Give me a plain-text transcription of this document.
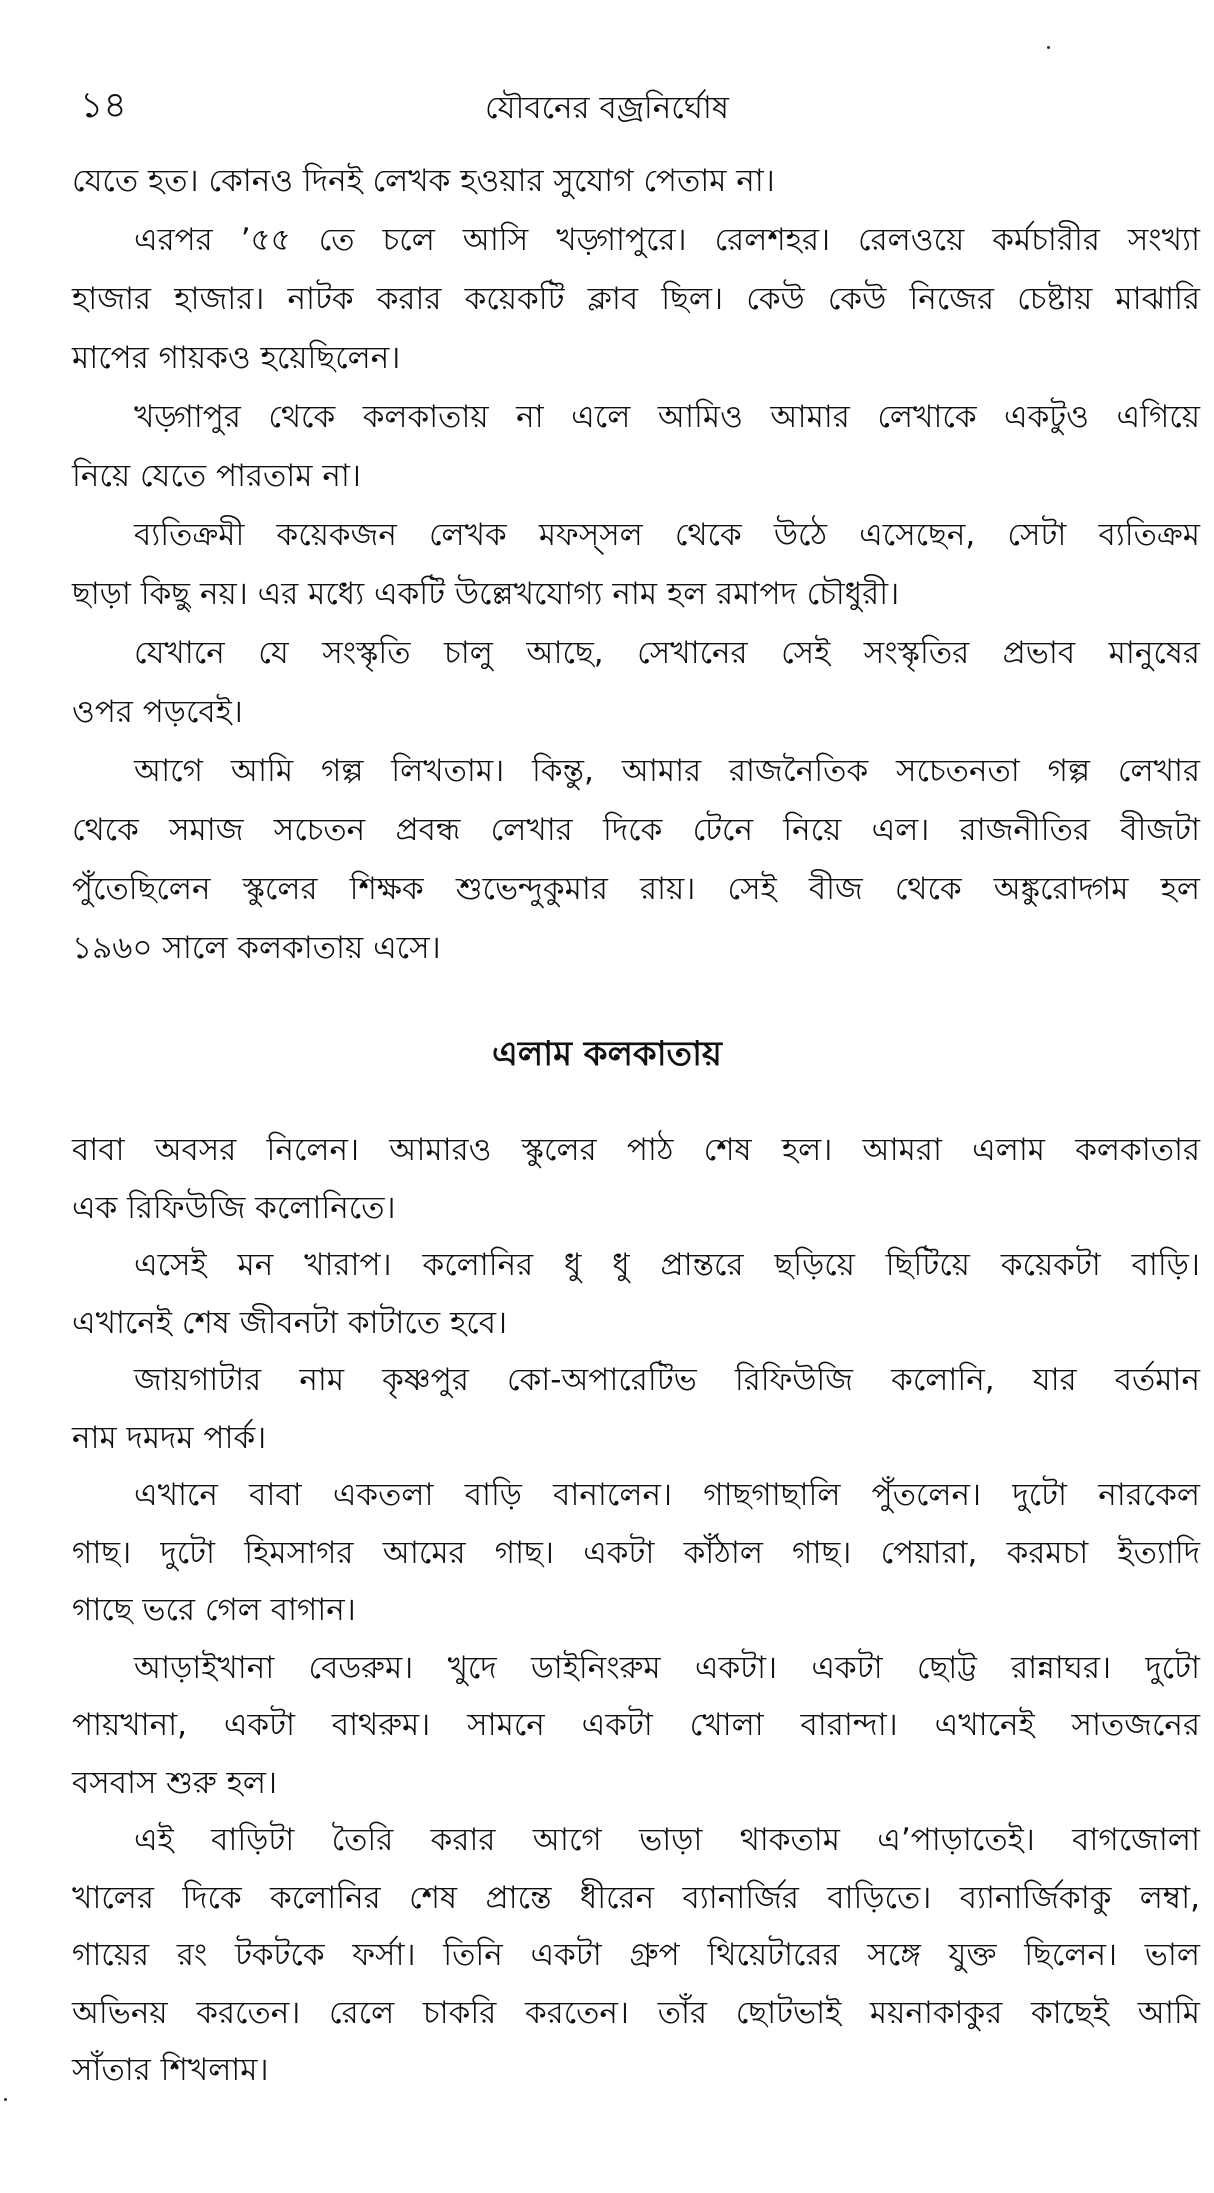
১৪	যৌবনের বজ্রনির্ঘোষ
যেতে হত। কোনও দিনই লেখক হওয়ার সুযোগ পেতাম না।
এরপর ’৫৫ তে চলে আসি খড়্গাপুরে। রেলশহর। রেলওয়ে কর্মচারীর সংখ্যা
হাজার হাজার। নাটক করার কয়েকটি ক্লাব ছিল। কেউ কেউ নিজের চেষ্টায় মাঝারি
মাপের গায়কও হয়েছিলেন।
খড়্গাপুর থেকে কলকাতায় না এলে আমিও আমার লেখাকে একটুও এগিয়ে
নিয়ে যেতে পারতাম না।
ব্যতিক্রমী কয়েকজন লেখক মফস্সল থেকে উঠে এসেছেন, সেটা ব্যতিক্রম
ছাড়া কিছু নয়। এর মধ্যে একটি উল্লেখযোগ্য নাম হল রমাপদ চৌধুরী।
যেখানে যে সংস্কৃতি চালু আছে, সেখানের সেই সংস্কৃতির প্রভাব মানুষের
ওপর পড়বেই।
আগে আমি গল্প লিখতাম। কিন্তু, আমার রাজনৈতিক সচেতনতা গল্প লেখার
থেকে সমাজ সচেতন প্রবন্ধ লেখার দিকে টেনে নিয়ে এল। রাজনীতির বীজটা
পুঁতেছিলেন স্কুলের শিক্ষক শুভেন্দুকুমার রায়। সেই বীজ থেকে অঙ্কুরোদ্গম হল
১৯৬০ সালে কলকাতায় এসে।
এলাম কলকাতায়
বাবা অবসর নিলেন। আমারও স্কুলের পাঠ শেষ হল। আমরা এলাম কলকাতার
এক রিফিউজি কলোনিতে।
এসেই মন খারাপ। কলোনির ধু ধু প্রান্তরে ছড়িয়ে ছিটিয়ে কয়েকটা বাড়ি।
এখানেই শেষ জীবনটা কাটাতে হবে।
জায়গাটার নাম কৃষ্ণপুর কো-অপারেটিভ রিফিউজি কলোনি, যার বর্তমান
নাম দমদম পার্ক।
এখানে বাবা একতলা বাড়ি বানালেন। গাছগাছালি পুঁতলেন। দুটো নারকেল
গাছ। দুটো হিমসাগর আমের গাছ। একটা কাঁঠাল গাছ। পেয়ারা, করমচা ইত্যাদি
গাছে ভরে গেল বাগান।
আড়াইখানা বেডরুম। খুদে ডাইনিংরুম একটা। একটা ছোট্ট রান্নাঘর। দুটো
পায়খানা, একটা বাথরুম। সামনে একটা খোলা বারান্দা। এখানেই সাতজনের
বসবাস শুরু হল।
এই বাড়িটা তৈরি করার আগে ভাড়া থাকতাম এ’পাড়াতেই। বাগজোলা
খালের দিকে কলোনির শেষ প্রান্তে ধীরেন ব্যানার্জির বাড়িতে। ব্যানার্জিকাকু লম্বা,
গায়ের রং টকটকে ফর্সা। তিনি একটা গ্রুপ থিয়েটারের সঙ্গে যুক্ত ছিলেন। ভাল
অভিনয় করতেন। রেলে চাকরি করতেন। তাঁর ছোটভাই ময়নাকাকুর কাছেই আমি
সাঁতার শিখলাম।
